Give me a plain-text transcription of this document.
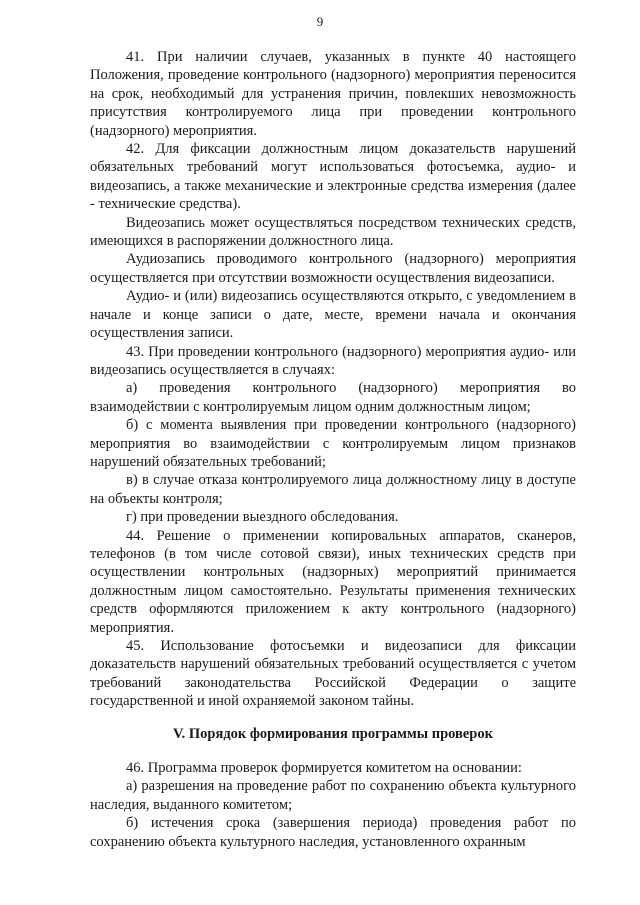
9

41. При наличии случаев, указанных в пункте 40 настоящего Положения, проведение контрольного (надзорного) мероприятия переносится на срок, необходимый для устранения причин, повлекших невозможность присутствия контролируемого лица при проведении контрольного (надзорного) мероприятия.

42. Для фиксации должностным лицом доказательств нарушений обязательных требований могут использоваться фотосъемка, аудио- и видеозапись, а также механические и электронные средства измерения (далее - технические средства).

Видеозапись может осуществляться посредством технических средств, имеющихся в распоряжении должностного лица.

Аудиозапись проводимого контрольного (надзорного) мероприятия осуществляется при отсутствии возможности осуществления видеозаписи.

Аудио- и (или) видеозапись осуществляются открыто, с уведомлением в начале и конце записи о дате, месте, времени начала и окончания осуществления записи.

43. При проведении контрольного (надзорного) мероприятия аудио- или видеозапись осуществляется в случаях:

а) проведения контрольного (надзорного) мероприятия во взаимодействии с контролируемым лицом одним должностным лицом;

б) с момента выявления при проведении контрольного (надзорного) мероприятия во взаимодействии с контролируемым лицом признаков нарушений обязательных требований;

в) в случае отказа контролируемого лица должностному лицу в доступе на объекты контроля;

г) при проведении выездного обследования.

44. Решение о применении копировальных аппаратов, сканеров, телефонов (в том числе сотовой связи), иных технических средств при осуществлении контрольных (надзорных) мероприятий принимается должностным лицом самостоятельно. Результаты применения технических средств оформляются приложением к акту контрольного (надзорного) мероприятия.

45. Использование фотосъемки и видеозаписи для фиксации доказательств нарушений обязательных требований осуществляется с учетом требований законодательства Российской Федерации о защите государственной и иной охраняемой законом тайны.

V. Порядок формирования программы проверок

46. Программа проверок формируется комитетом на основании:

а) разрешения на проведение работ по сохранению объекта культурного наследия, выданного комитетом;

б) истечения срока (завершения периода) проведения работ по сохранению объекта культурного наследия, установленного охранным
